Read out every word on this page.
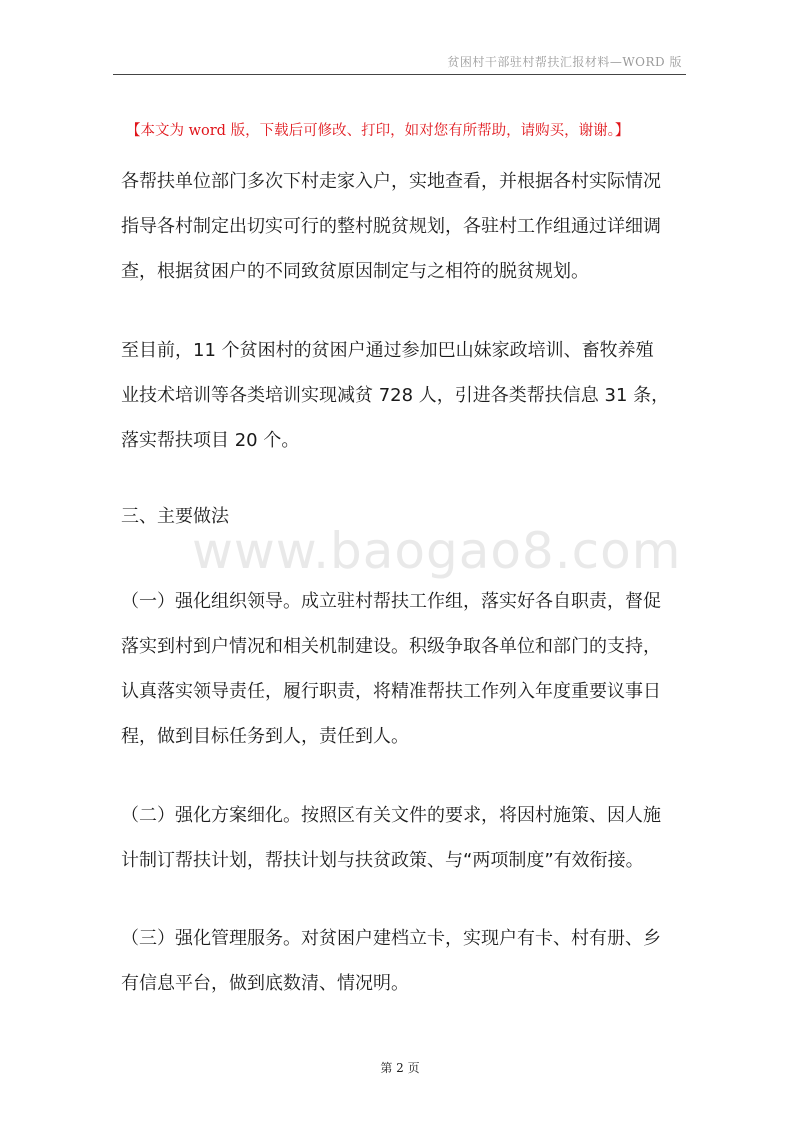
贫困村干部驻村帮扶汇报材料—WORD 版
【本文为 word 版，下载后可修改、打印，如对您有所帮助，请购买，谢谢。】
www.baogao8.com

各帮扶单位部门多次下村走家入户，实地查看，并根据各村实际情况
指导各村制定出切实可行的整村脱贫规划，各驻村工作组通过详细调
查，根据贫困户的不同致贫原因制定与之相符的脱贫规划。

至目前，11 个贫困村的贫困户通过参加巴山妹家政培训、畜牧养殖
业技术培训等各类培训实现减贫 728 人，引进各类帮扶信息 31 条，
落实帮扶项目 20 个。

三、主要做法

（一）强化组织领导。成立驻村帮扶工作组，落实好各自职责，督促
落实到村到户情况和相关机制建设。积级争取各单位和部门的支持，
认真落实领导责任，履行职责，将精准帮扶工作列入年度重要议事日
程，做到目标任务到人，责任到人。

（二）强化方案细化。按照区有关文件的要求，将因村施策、因人施
计制订帮扶计划，帮扶计划与扶贫政策、与“两项制度”有效衔接。

（三）强化管理服务。对贫困户建档立卡，实现户有卡、村有册、乡
有信息平台，做到底数清、情况明。

第 2 页
